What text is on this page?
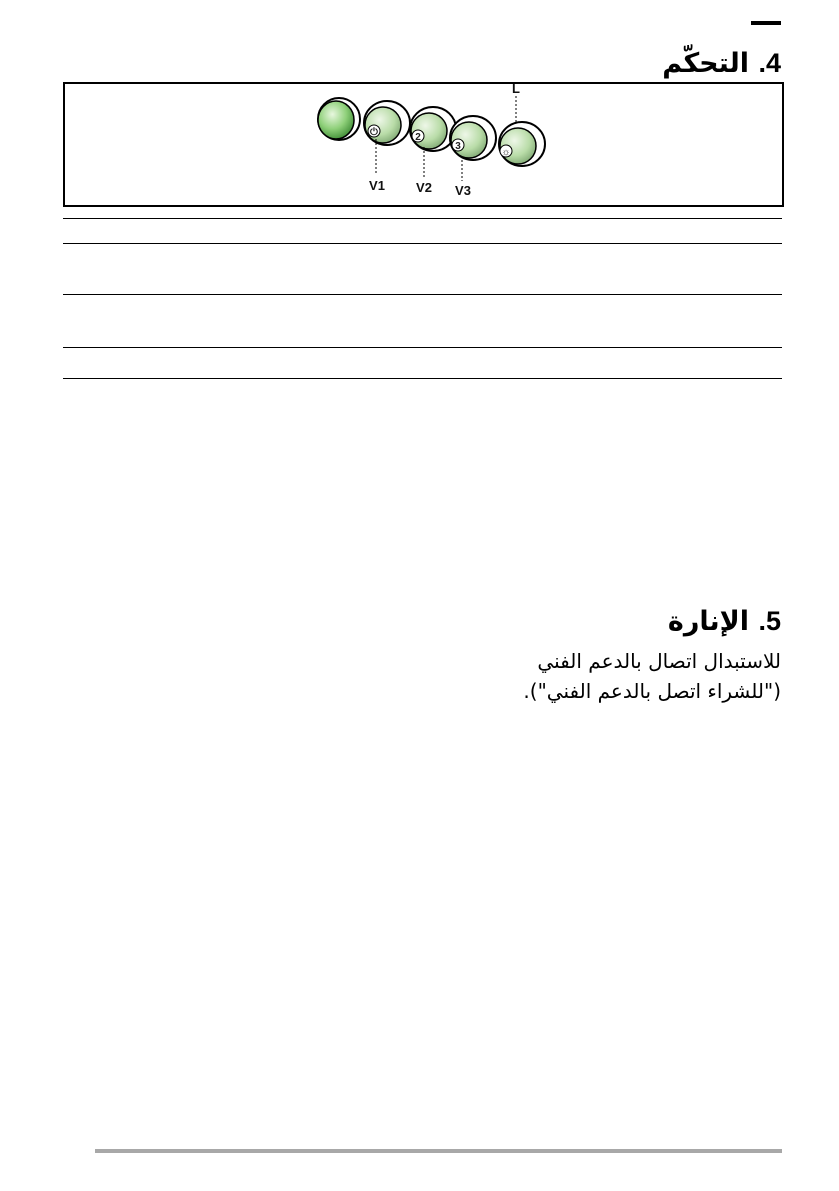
4. التحكّم
⏻	2
3
☼
V1 V2 V3
L
5. الإنارة
للاستبدال اتصال بالدعم الفني
("للشراء اتصل بالدعم الفني").
